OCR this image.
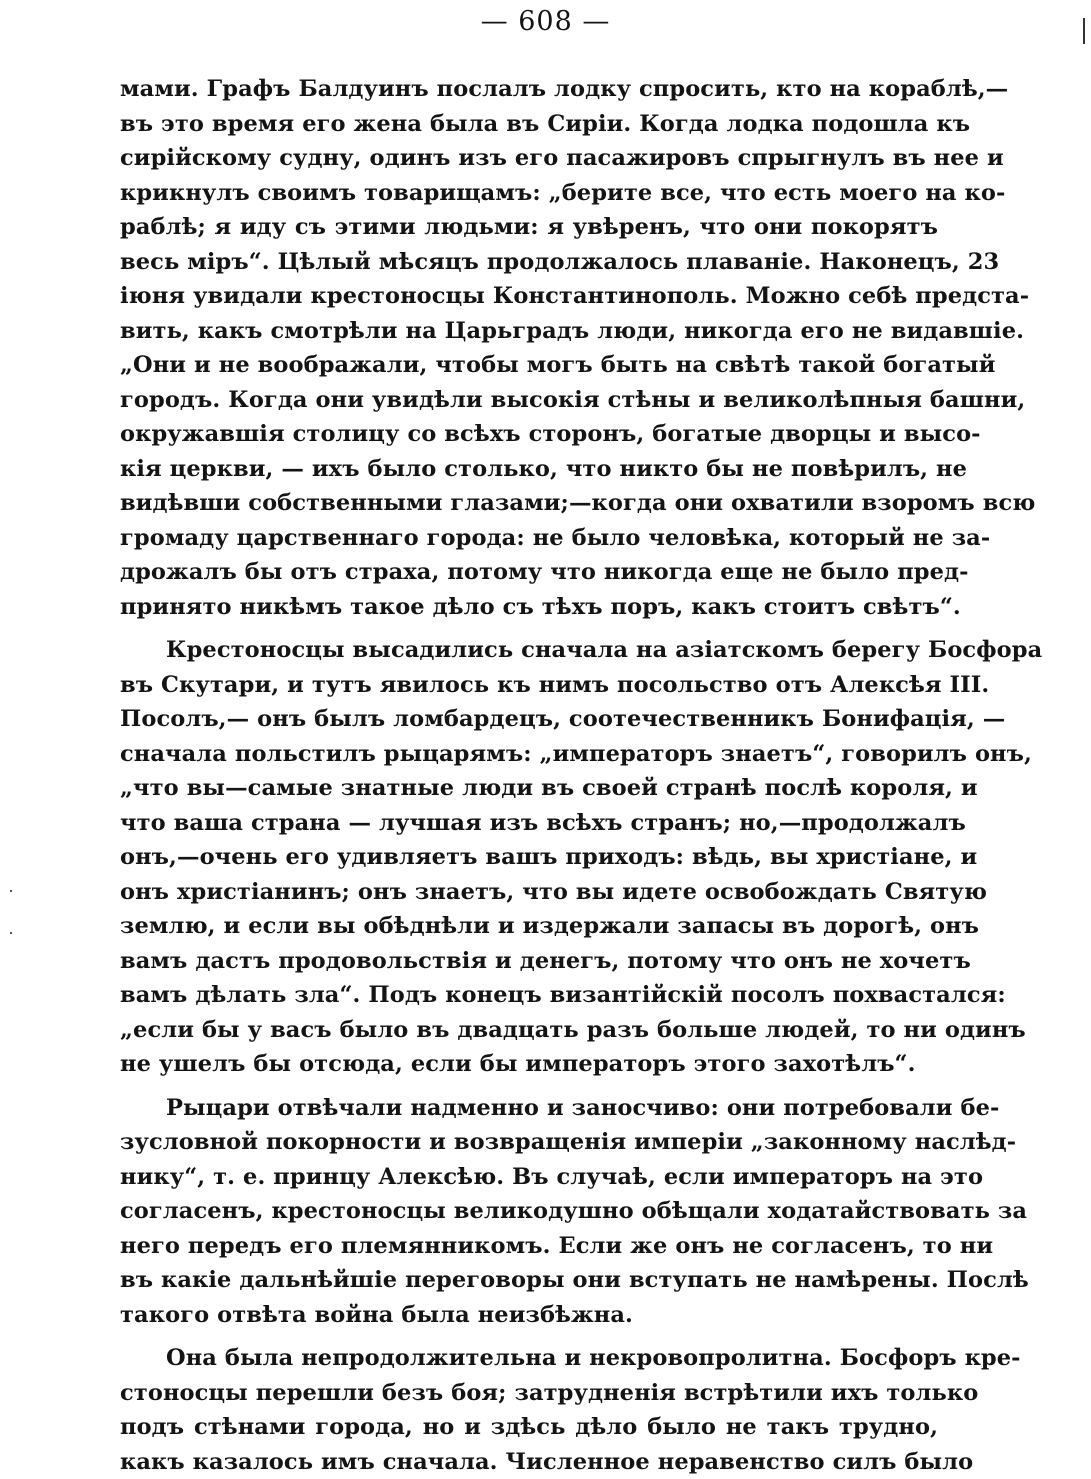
— 608 —
мами. Графъ Балдуинъ послалъ лодку спросить, кто на кораблѣ,—
въ это время его жена была въ Сиріи. Когда лодка подошла къ
сирійскому судну, одинъ изъ его пасажировъ спрыгнулъ въ нее и
крикнулъ своимъ товарищамъ: „берите все, что есть моего на ко-
раблѣ; я иду съ этими людьми: я увѣренъ, что они покорятъ
весь міръ“. Цѣлый мѣсяцъ продолжалось плаваніе. Наконецъ, 23
іюня увидали крестоносцы Константинополь. Можно себѣ предста-
вить, какъ смотрѣли на Царьградъ люди, никогда его не видавшіе.
„Они и не воображали, чтобы могъ быть на свѣтѣ такой богатый
городъ. Когда они увидѣли высокія стѣны и великолѣпныя башни,
окружавшія столицу со всѣхъ сторонъ, богатые дворцы и высо-
кія церкви, — ихъ было столько, что никто бы не повѣрилъ, не
видѣвши собственными глазами;—когда они охватили взоромъ всю
громаду царственнаго города: не было человѣка, который не за-
дрожалъ бы отъ страха, потому что никогда еще не было пред-
принято никѣмъ такое дѣло съ тѣхъ поръ, какъ стоитъ свѣтъ“.
Крестоносцы высадились сначала на азіатскомъ берегу Босфора
въ Скутари, и тутъ явилось къ нимъ посольство отъ Алексѣя III.
Посолъ,— онъ былъ ломбардецъ, соотечественникъ Бонифація, —
сначала польстилъ рыцарямъ: „императоръ знаетъ“, говорилъ онъ,
„что вы—самые знатные люди въ своей странѣ послѣ короля, и
что ваша страна — лучшая изъ всѣхъ странъ; но,—продолжалъ
онъ,—очень его удивляетъ вашъ приходъ: вѣдь, вы христіане, и
онъ христіанинъ; онъ знаетъ, что вы идете освобождать Святую
землю, и если вы обѣднѣли и издержали запасы въ дорогѣ, онъ
вамъ дастъ продовольствія и денегъ, потому что онъ не хочетъ
вамъ дѣлать зла“. Подъ конецъ византійскій посолъ похвастался:
„если бы у васъ было въ двадцать разъ больше людей, то ни одинъ
не ушелъ бы отсюда, если бы императоръ этого захотѣлъ“.
Рыцари отвѣчали надменно и заносчиво: они потребовали бе-
зусловной покорности и возвращенія имперіи „законному наслѣд-
нику“, т. е. принцу Алексѣю. Въ случаѣ, если императоръ на это
согласенъ, крестоносцы великодушно обѣщали ходатайствовать за
него передъ его племянникомъ. Если же онъ не согласенъ, то ни
въ какіе дальнѣйшіе переговоры они вступать не намѣрены. Послѣ
такого отвѣта война была неизбѣжна.
Она была непродолжительна и некровопролитна. Босфоръ кре-
стоносцы перешли безъ боя; затрудненія встрѣтили ихъ только
подъ стѣнами города, но и здѣсь дѣло было не такъ трудно,
какъ казалось имъ сначала. Численное неравенство силъ было
